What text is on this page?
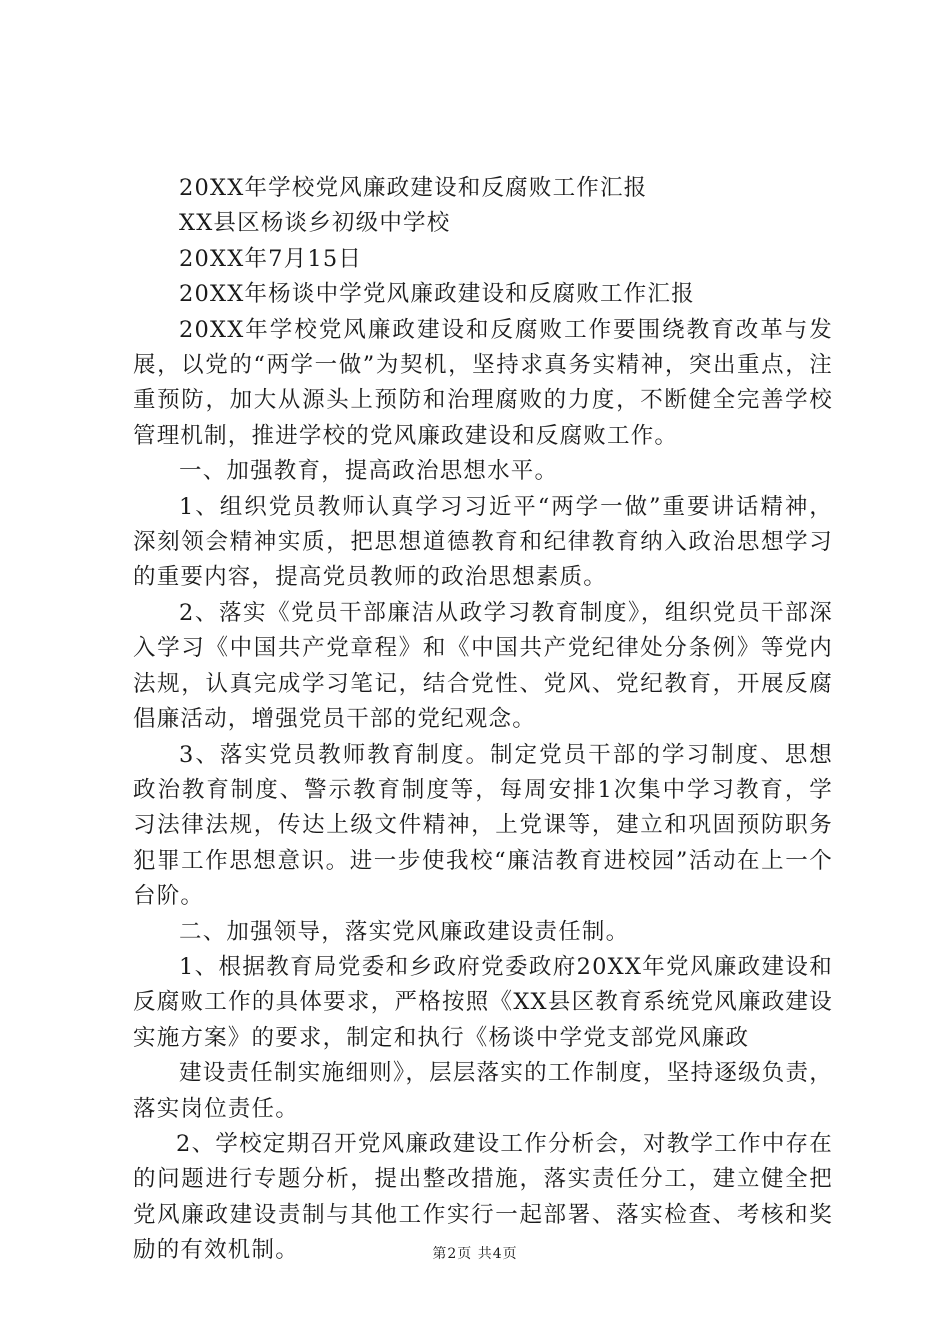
20XX年学校党风廉政建设和反腐败工作汇报
XX县区杨谈乡初级中学校
20XX年7月15日
20XX年杨谈中学党风廉政建设和反腐败工作汇报
20XX年学校党风廉政建设和反腐败工作要围绕教育改革与发展，以党的“两学一做”为契机，坚持求真务实精神，突出重点，注重预防，加大从源头上预防和治理腐败的力度，不断健全完善学校管理机制，推进学校的党风廉政建设和反腐败工作。
一、加强教育，提高政治思想水平。
1、组织党员教师认真学习习近平“两学一做”重要讲话精神，深刻领会精神实质，把思想道德教育和纪律教育纳入政治思想学习的重要内容，提高党员教师的政治思想素质。
2、落实《党员干部廉洁从政学习教育制度》，组织党员干部深入学习《中国共产党章程》和《中国共产党纪律处分条例》等党内法规，认真完成学习笔记，结合党性、党风、党纪教育，开展反腐倡廉活动，增强党员干部的党纪观念。
3、落实党员教师教育制度。制定党员干部的学习制度、思想政治教育制度、警示教育制度等，每周安排1次集中学习教育，学习法律法规，传达上级文件精神，上党课等，建立和巩固预防职务犯罪工作思想意识。进一步使我校“廉洁教育进校园”活动在上一个台阶。
二、加强领导，落实党风廉政建设责任制。
1、根据教育局党委和乡政府党委政府20XX年党风廉政建设和反腐败工作的具体要求，严格按照《XX县区教育系统党风廉政建设实施方案》的要求，制定和执行《杨谈中学党支部党风廉政
建设责任制实施细则》，层层落实的工作制度，坚持逐级负责，落实岗位责任。
2、学校定期召开党风廉政建设工作分析会，对教学工作中存在的问题进行专题分析，提出整改措施，落实责任分工，建立健全把党风廉政建设责制与其他工作实行一起部署、落实检查、考核和奖励的有效机制。	第2页 共4页
